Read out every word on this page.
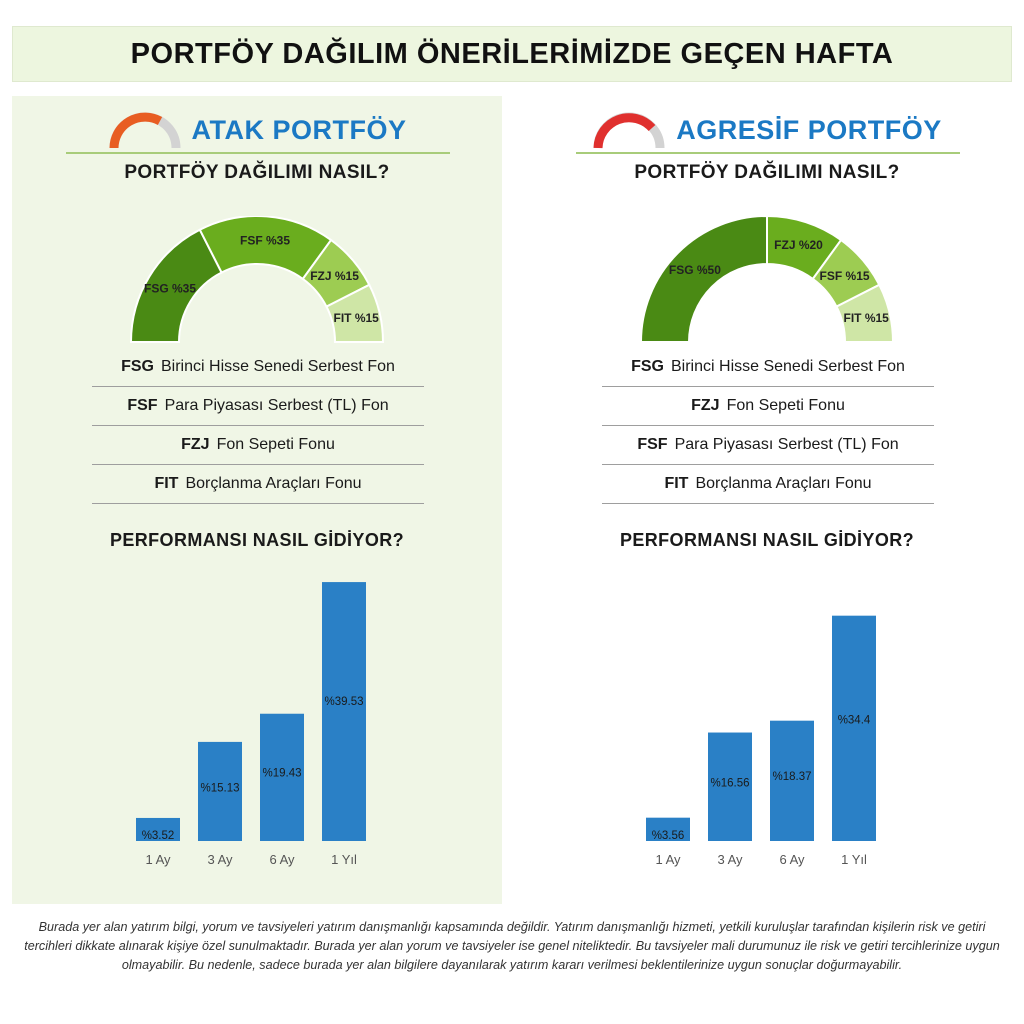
PORTFÖY DAĞILIM ÖNERİLERİMİZDE GEÇEN HAFTA
ATAK PORTFÖY
PORTFÖY DAĞILIMI NASIL?
FSG %35
FSF %35
FZJ %15
FIT %15
FSG Birinci Hisse Senedi Serbest Fon
FSF Para Piyasası Serbest (TL) Fon
FZJ Fon Sepeti Fonu
FIT Borçlanma Araçları Fonu
PERFORMANSI NASIL GİDİYOR?
%3.52
1 Ay
%15.13
3 Ay
%19.43
6 Ay
%39.53
1 Yıl
AGRESİF PORTFÖY
PORTFÖY DAĞILIMI NASIL?
FSG %50
FZJ %20
FSF %15
FIT %15
FSG Birinci Hisse Senedi Serbest Fon
FZJ Fon Sepeti Fonu
FSF Para Piyasası Serbest (TL) Fon
FIT Borçlanma Araçları Fonu
PERFORMANSI NASIL GİDİYOR?
%3.56
1 Ay
%16.56
3 Ay
%18.37
6 Ay
%34.4
1 Yıl
Burada yer alan yatırım bilgi, yorum ve tavsiyeleri yatırım danışmanlığı kapsamında değildir. Yatırım danışmanlığı hizmeti, yetkili kuruluşlar tarafından kişilerin risk ve getiri tercihleri dikkate alınarak kişiye özel sunulmaktadır. Burada yer alan yorum ve tavsiyeler ise genel niteliktedir. Bu tavsiyeler mali durumunuz ile risk ve getiri tercihlerinize uygun olmayabilir. Bu nedenle, sadece burada yer alan bilgilere dayanılarak yatırım kararı verilmesi beklentilerinize uygun sonuçlar doğurmayabilir.
